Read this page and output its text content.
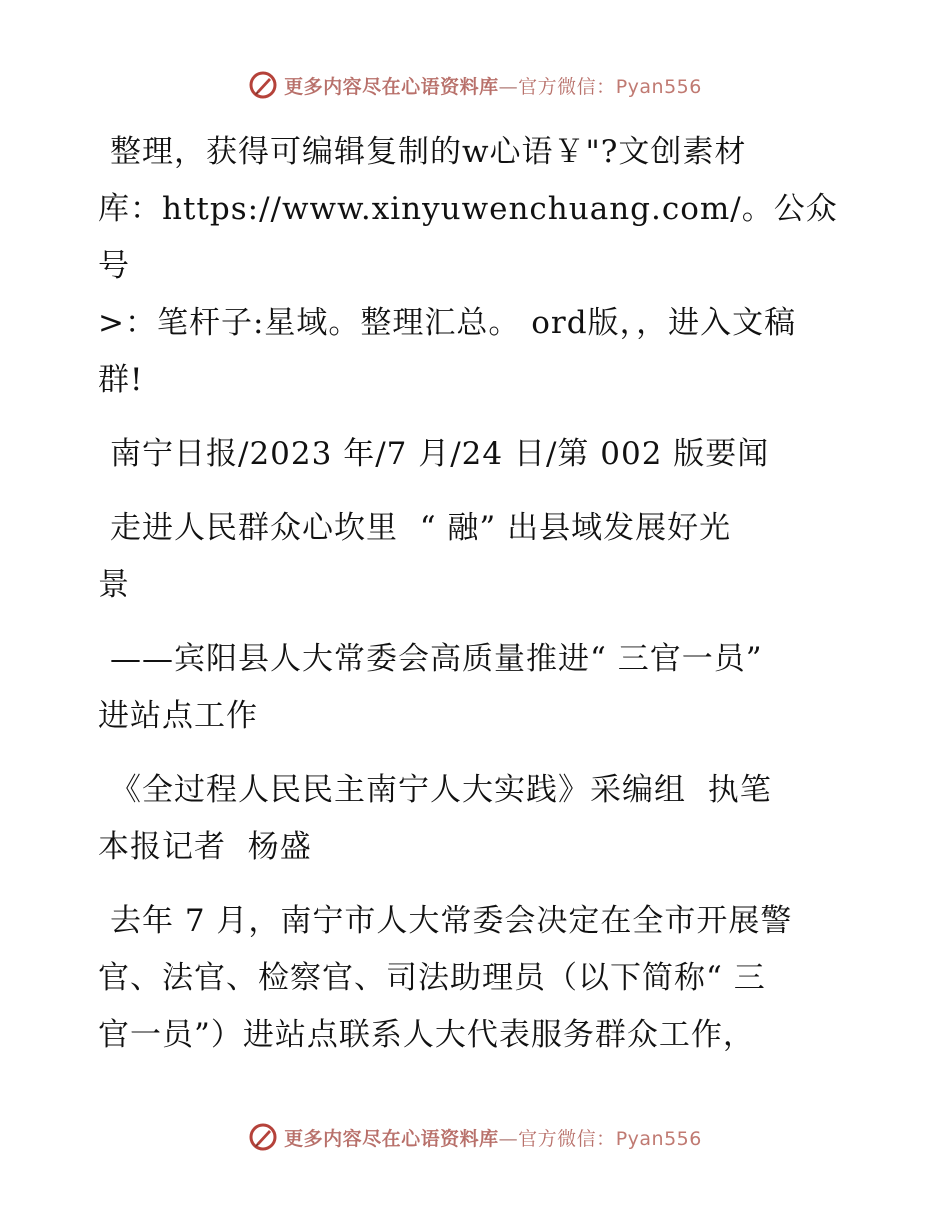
更多内容尽在心语资料库—官方微信：Pyan556

整理，获得可编辑复制的w心语￥"?文创素材
库：https://www.xinyuwenchuang.com/。公众号
>：笔杆子:星域。整理汇总。 ord版，，进入文稿
群!

南宁日报/2023 年/7 月/24 日/第 002 版要闻

走进人民群众心坎里  “ 融” 出县域发展好光
景

——宾阳县人大常委会高质量推进“ 三官一员”
进站点工作

《全过程人民民主南宁人大实践》采编组  执笔
本报记者  杨盛

去年 7 月，南宁市人大常委会决定在全市开展警
官、法官、检察官、司法助理员（以下简称“ 三
官一员”）进站点联系人大代表服务群众工作，

更多内容尽在心语资料库—官方微信：Pyan556
